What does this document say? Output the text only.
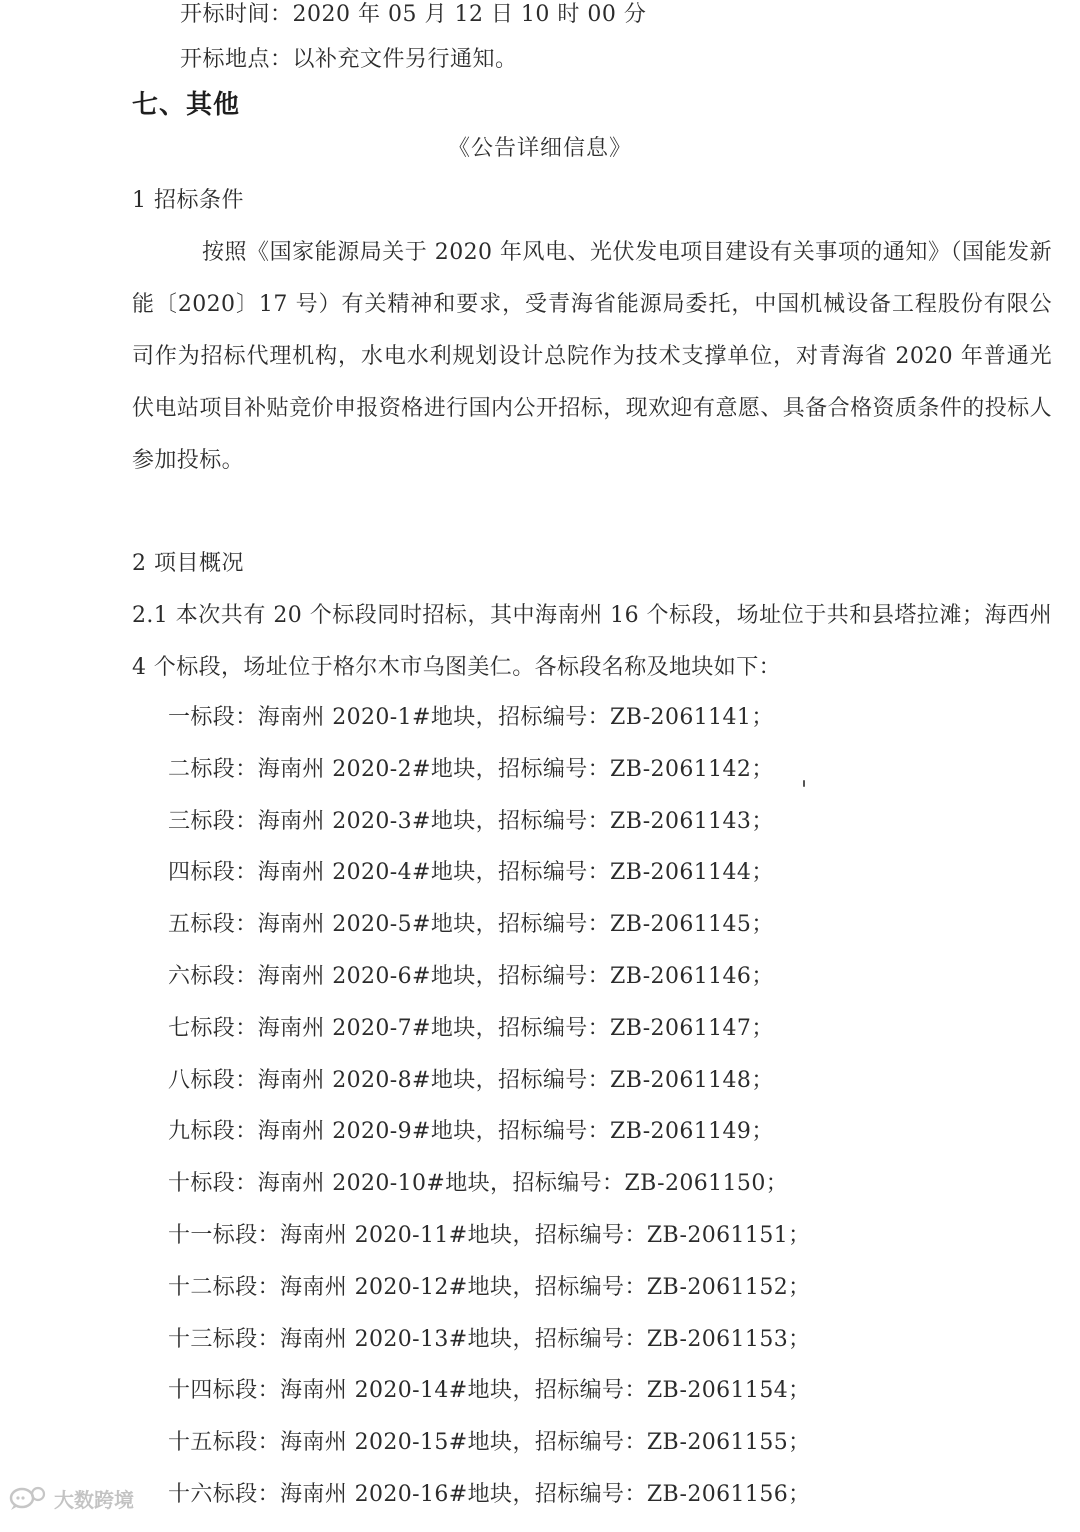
开标时间：2020 年 05 月 12 日 10 时 00 分
开标地点：以补充文件另行通知。
七、其他
《公告详细信息》
1 招标条件
按照《国家能源局关于 2020 年风电、光伏发电项目建设有关事项的通知》（国能发新能〔2020〕17 号）有关精神和要求，受青海省能源局委托，中国机械设备工程股份有限公司作为招标代理机构，水电水利规划设计总院作为技术支撑单位，对青海省 2020 年普通光伏电站项目补贴竞价申报资格进行国内公开招标，现欢迎有意愿、具备合格资质条件的投标人参加投标。
2 项目概况
2.1 本次共有 20 个标段同时招标，其中海南州 16 个标段，场址位于共和县塔拉滩；海西州 4 个标段，场址位于格尔木市乌图美仁。各标段名称及地块如下：
一标段：海南州 2020-1#地块，招标编号：ZB-2061141；
二标段：海南州 2020-2#地块，招标编号：ZB-2061142；
三标段：海南州 2020-3#地块，招标编号：ZB-2061143；
四标段：海南州 2020-4#地块，招标编号：ZB-2061144；
五标段：海南州 2020-5#地块，招标编号：ZB-2061145；
六标段：海南州 2020-6#地块，招标编号：ZB-2061146；
七标段：海南州 2020-7#地块，招标编号：ZB-2061147；
八标段：海南州 2020-8#地块，招标编号：ZB-2061148；
九标段：海南州 2020-9#地块，招标编号：ZB-2061149；
十标段：海南州 2020-10#地块，招标编号：ZB-2061150；
十一标段：海南州 2020-11#地块，招标编号：ZB-2061151；
十二标段：海南州 2020-12#地块，招标编号：ZB-2061152；
十三标段：海南州 2020-13#地块，招标编号：ZB-2061153；
十四标段：海南州 2020-14#地块，招标编号：ZB-2061154；
十五标段：海南州 2020-15#地块，招标编号：ZB-2061155；
十六标段：海南州 2020-16#地块，招标编号：ZB-2061156；
大数跨境
